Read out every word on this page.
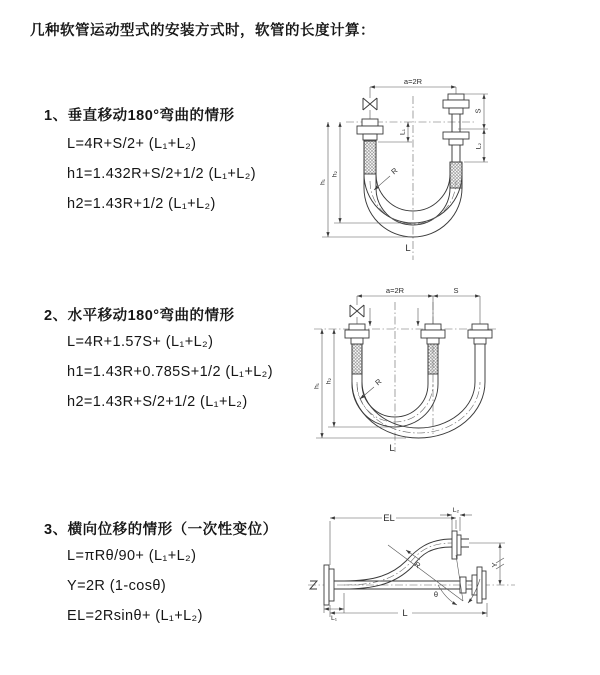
几种软管运动型式的安装方式时，软管的长度计算：
1、垂直移动180°弯曲的情形
L=4R+S/2+ (L₁+L₂)
h1=1.432R+S/2+1/2 (L₁+L₂)
h2=1.43R+1/2 (L₁+L₂)
2、水平移动180°弯曲的情形
L=4R+1.57S+ (L₁+L₂)
h1=1.43R+0.785S+1/2 (L₁+L₂)
h2=1.43R+S/2+1/2 (L₁+L₂)
3、横向位移的情形（一次性变位）
L=πRθ/90+ (L₁+L₂)
Y=2R (1-cosθ)
EL=2Rsinθ+ (L₁+L₂)
a=2R
S
L₂
h₁
h₂
L₁
R
L
a=2R	S
h₁
h₂	R
L
EL
L₂
L₁	L
Y
θ
R
